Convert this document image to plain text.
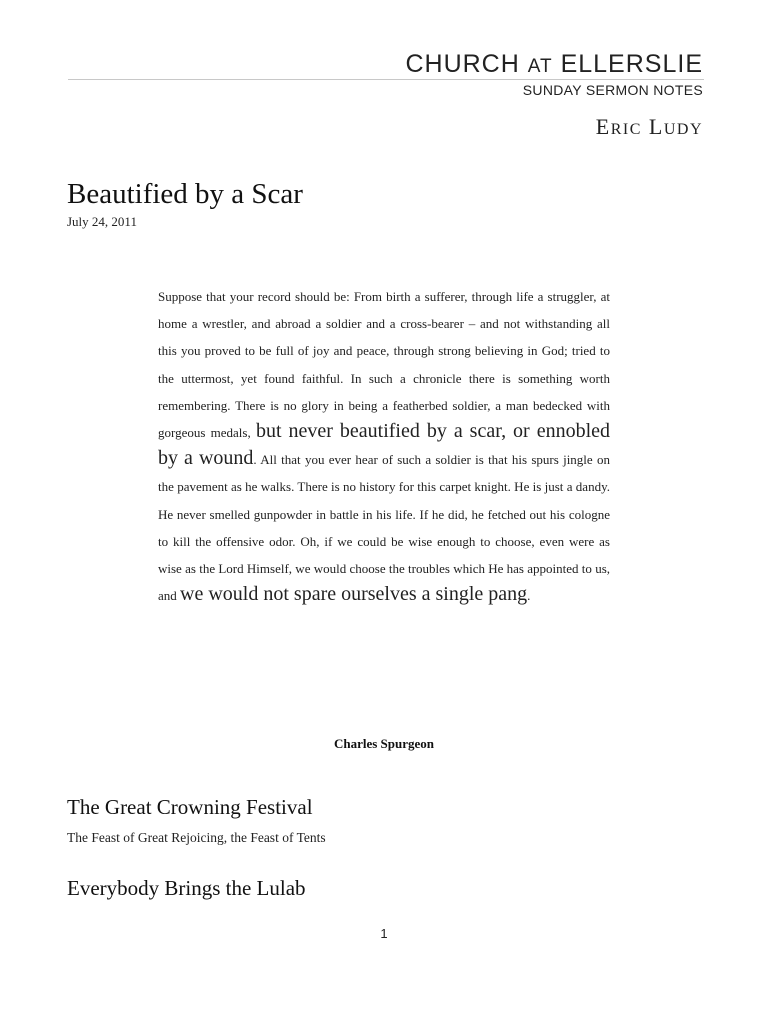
CHURCH AT ELLERSLIE
SUNDAY SERMON NOTES
ERIC LUDY
Beautified by a Scar
July 24, 2011
Suppose that your record should be: From birth a sufferer, through life a struggler, at home a wrestler, and abroad a soldier and a cross-bearer – and not withstanding all this you proved to be full of joy and peace, through strong believing in God; tried to the uttermost, yet found faithful. In such a chronicle there is something worth remembering. There is no glory in being a featherbed soldier, a man bedecked with gorgeous medals, but never beautified by a scar, or ennobled by a wound. All that you ever hear of such a soldier is that his spurs jingle on the pavement as he walks. There is no history for this carpet knight. He is just a dandy. He never smelled gunpowder in battle in his life. If he did, he fetched out his cologne to kill the offensive odor. Oh, if we could be wise enough to choose, even were as wise as the Lord Himself, we would choose the troubles which He has appointed to us, and we would not spare ourselves a single pang.
Charles Spurgeon
The Great Crowning Festival
The Feast of Great Rejoicing, the Feast of Tents
Everybody Brings the Lulab
1
